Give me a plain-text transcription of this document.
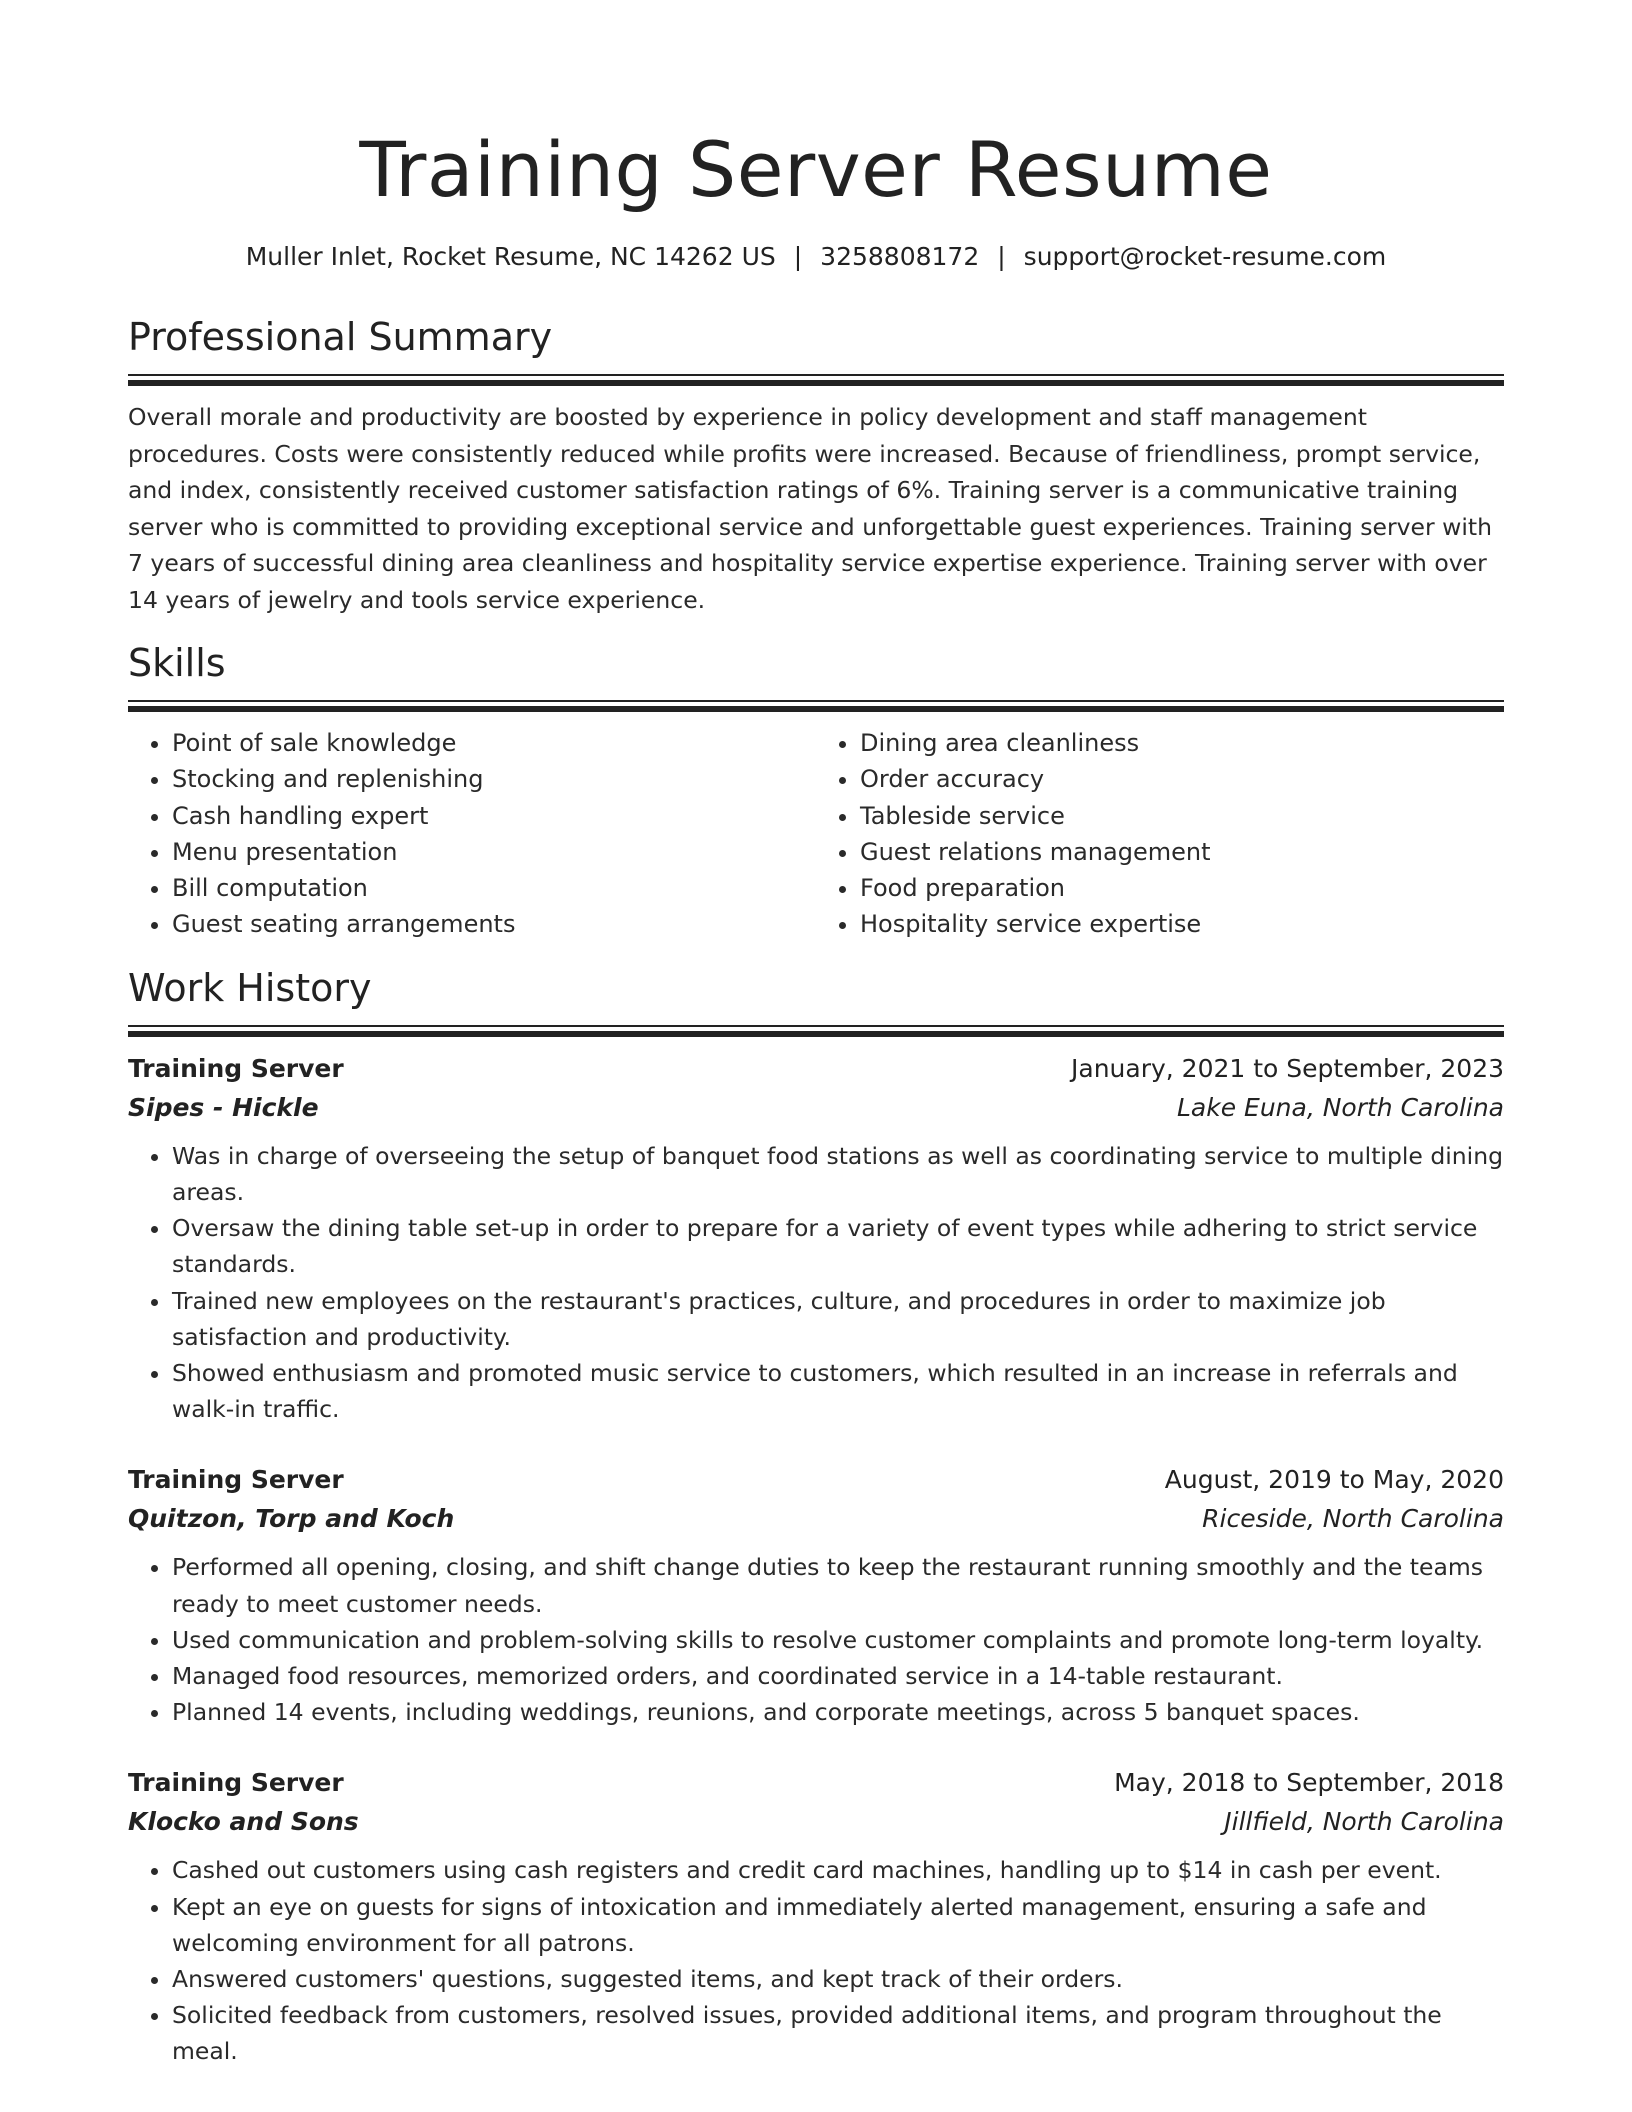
Training Server Resume
Muller Inlet, Rocket Resume, NC 14262 US | 3258808172 | support@rocket-resume.com
Professional Summary
Overall morale and productivity are boosted by experience in policy development and staff management procedures. Costs were consistently reduced while profits were increased. Because of friendliness, prompt service, and index, consistently received customer satisfaction ratings of 6%. Training server is a communicative training server who is committed to providing exceptional service and unforgettable guest experiences. Training server with 7 years of successful dining area cleanliness and hospitality service expertise experience. Training server with over 14 years of jewelry and tools service experience.
Skills
• Point of sale knowledge
• Stocking and replenishing
• Cash handling expert
• Menu presentation
• Bill computation
• Guest seating arrangements
• Dining area cleanliness
• Order accuracy
• Tableside service
• Guest relations management
• Food preparation
• Hospitality service expertise
Work History
Training Server	January, 2021 to September, 2023
Sipes - Hickle	Lake Euna, North Carolina
• Was in charge of overseeing the setup of banquet food stations as well as coordinating service to multiple dining areas.
• Oversaw the dining table set-up in order to prepare for a variety of event types while adhering to strict service standards.
• Trained new employees on the restaurant's practices, culture, and procedures in order to maximize job satisfaction and productivity.
• Showed enthusiasm and promoted music service to customers, which resulted in an increase in referrals and walk-in traffic.
Training Server	August, 2019 to May, 2020
Quitzon, Torp and Koch	Riceside, North Carolina
• Performed all opening, closing, and shift change duties to keep the restaurant running smoothly and the teams ready to meet customer needs.
• Used communication and problem-solving skills to resolve customer complaints and promote long-term loyalty.
• Managed food resources, memorized orders, and coordinated service in a 14-table restaurant.
• Planned 14 events, including weddings, reunions, and corporate meetings, across 5 banquet spaces.
Training Server	May, 2018 to September, 2018
Klocko and Sons	Jillfield, North Carolina
• Cashed out customers using cash registers and credit card machines, handling up to $14 in cash per event.
• Kept an eye on guests for signs of intoxication and immediately alerted management, ensuring a safe and welcoming environment for all patrons.
• Answered customers' questions, suggested items, and kept track of their orders.
• Solicited feedback from customers, resolved issues, provided additional items, and program throughout the meal.
